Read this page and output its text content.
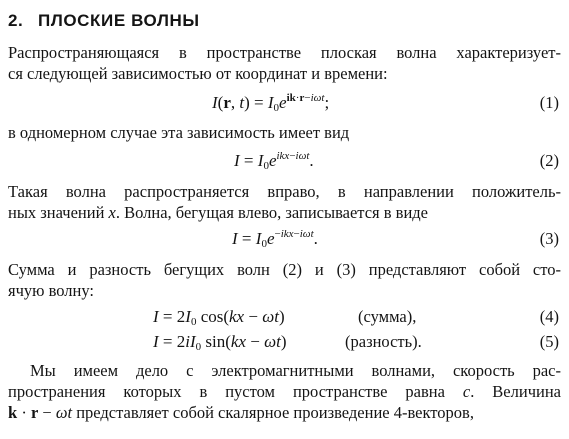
2. ПЛОСКИЕ ВОЛНЫ
Распространяющаяся в пространстве плоская волна характеризует-
ся следующей зависимостью от координат и времени:
I(r, $t) = I_0e^{ik\cdot r-i\omega t}$;	(1)
в одномерном случае эта зависимость имеет вид
$I = I_0e^{ikx-i\omega t}$.	(2)
Такая волна распространяется вправо, в направлении положитель-
ных значений x. Волна, бегущая влево, записывается в виде
$I = I_0e^{-ikx-i\omega t}$.	(3)
Сумма и разность бегущих волн (2) и (3) представляют собой сто-
ячую волну:
$I = 2I_0$ cos(kx − ωt)	(сумма),	(4)
$I = 2iI_0$ sin(kx − ωt)	(разность).	(5)
Мы имеем дело с электромагнитными волнами, скорость рас-
пространения которых в пустом пространстве равна c. Величина
k · r − ωt представляет собой скалярное произведение 4-векторов,
